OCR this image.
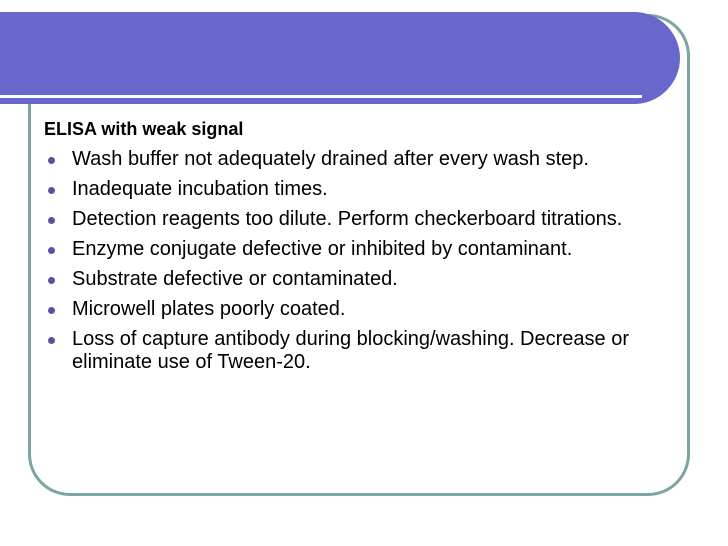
ELISA with weak signal
Wash buffer not adequately drained after every wash step.
Inadequate incubation times.
Detection reagents too dilute. Perform checkerboard titrations.
Enzyme conjugate defective or inhibited by contaminant.
Substrate defective or contaminated.
Microwell plates poorly coated.
Loss of capture antibody during blocking/washing. Decrease or eliminate use of Tween-20.
